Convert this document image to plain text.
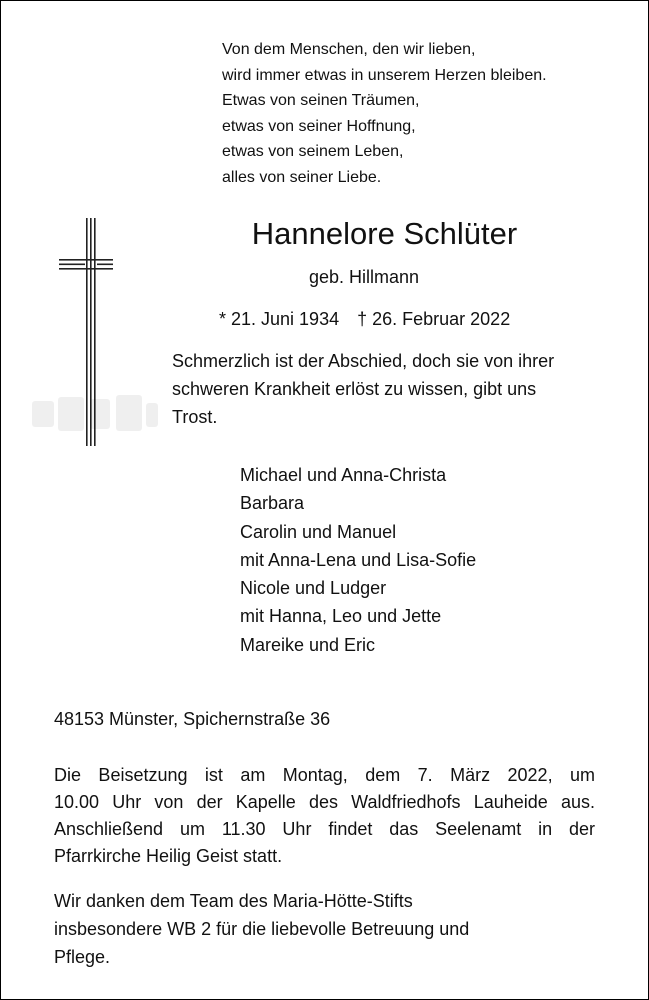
Von dem Menschen, den wir lieben,
wird immer etwas in unserem Herzen bleiben.
Etwas von seinen Träumen,
etwas von seiner Hoffnung,
etwas von seinem Leben,
alles von seiner Liebe.
Hannelore Schlüter
geb. Hillmann
* 21. Juni 1934 † 26. Februar 2022
Schmerzlich ist der Abschied, doch sie von ihrer
schweren Krankheit erlöst zu wissen, gibt uns
Trost.
Michael und Anna-Christa
Barbara
Carolin und Manuel
mit Anna-Lena und Lisa-Sofie
Nicole und Ludger
mit Hanna, Leo und Jette
Mareike und Eric
48153 Münster, Spichernstraße 36
Die Beisetzung ist am Montag, dem 7. März 2022, um
10.00 Uhr von der Kapelle des Waldfriedhofs Lauheide aus.
Anschließend um 11.30 Uhr findet das Seelenamt in der
Pfarrkirche Heilig Geist statt.
Wir danken dem Team des Maria-Hötte-Stifts
insbesondere WB 2 für die liebevolle Betreuung und
Pflege.
